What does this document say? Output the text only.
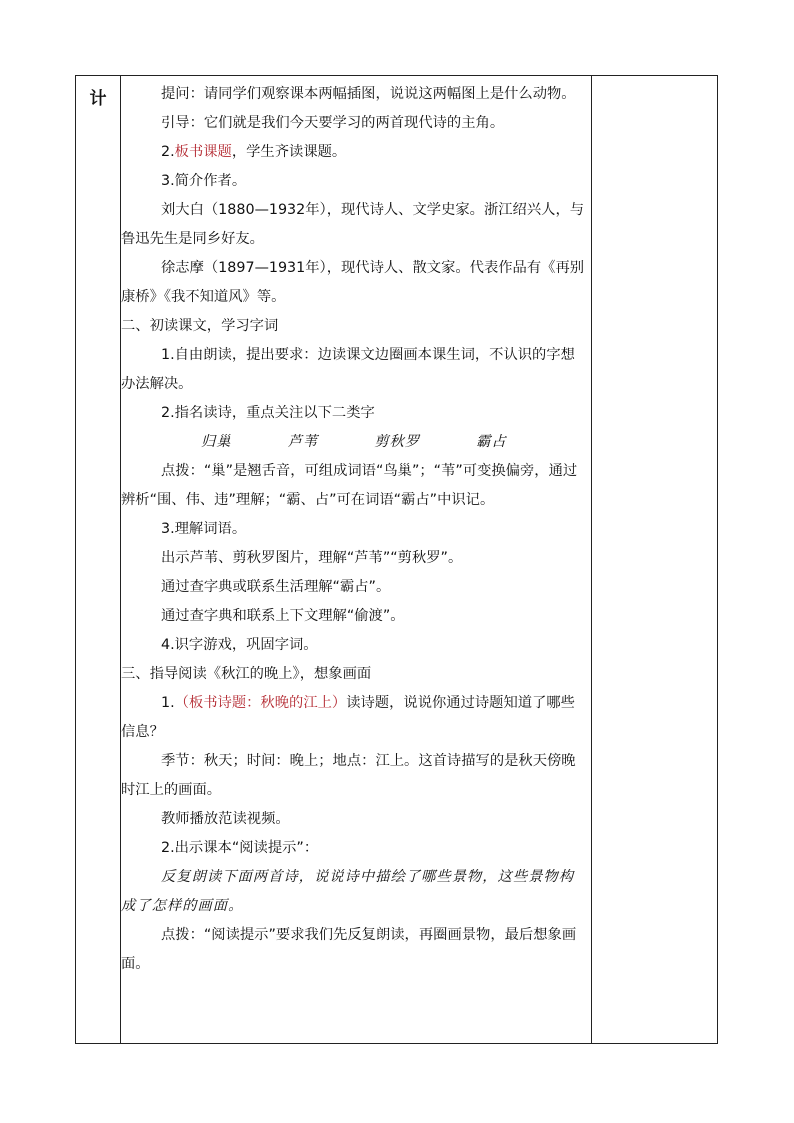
计	提问：请同学们观察课本两幅插图，说说这两幅图上是什么动物。

引导：它们就是我们今天要学习的两首现代诗的主角。

2.板书课题，学生齐读课题。

3.简介作者。

刘大白（1880—1932年），现代诗人、文学史家。浙江绍兴人，与鲁迅先生是同乡好友。

徐志摩（1897—1931年），现代诗人、散文家。代表作品有《再别康桥》《我不知道风》等。

二、初读课文，学习字词

1.自由朗读，提出要求：边读课文边圈画本课生词，不认识的字想办法解决。

2.指名读诗，重点关注以下二类字

归巢	芦苇	剪秋罗	霸占

点拨：“巢”是翘舌音，可组成词语“鸟巢”；“苇”可变换偏旁，通过辨析“围、伟、违”理解；“霸、占”可在词语“霸占”中识记。

3.理解词语。

出示芦苇、剪秋罗图片，理解“芦苇”“剪秋罗”。

通过查字典或联系生活理解“霸占”。

通过查字典和联系上下文理解“偷渡”。

4.识字游戏，巩固字词。

三、指导阅读《秋江的晚上》，想象画面

1.（板书诗题：秋晚的江上）读诗题，说说你通过诗题知道了哪些信息？

季节：秋天；时间：晚上；地点：江上。这首诗描写的是秋天傍晚时江上的画面。

教师播放范读视频。

2.出示课本“阅读提示”：

反复朗读下面两首诗，说说诗中描绘了哪些景物，这些景物构成了怎样的画面。

点拨：“阅读提示”要求我们先反复朗读，再圈画景物，最后想象画面。
